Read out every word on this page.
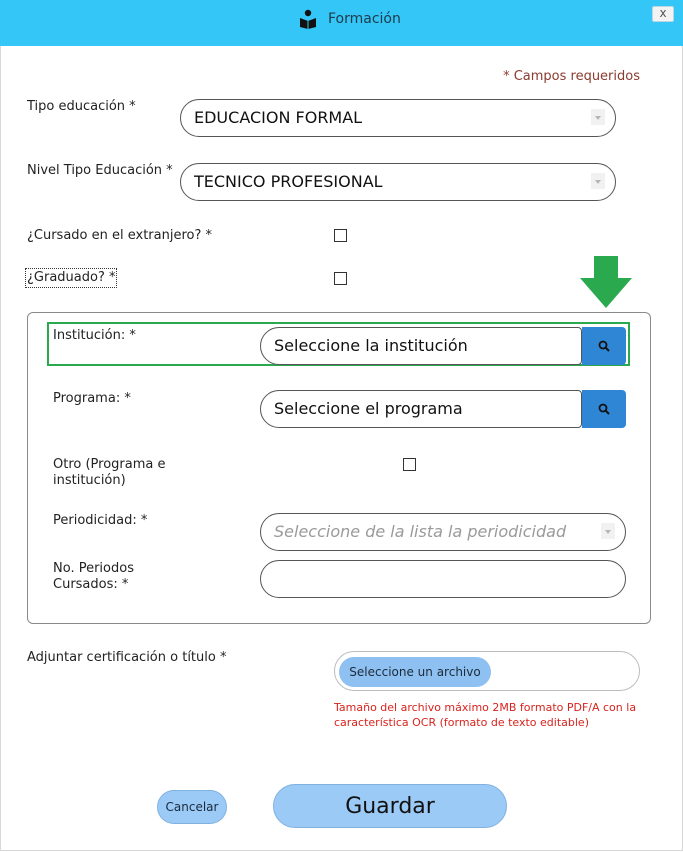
Formación	x
* Campos requeridos
Tipo educación *
EDUCACION FORMAL
Nivel Tipo Educación *
TECNICO PROFESIONAL
¿Cursado en el extranjero? *
¿Graduado? *
Institución: *
Seleccione la institución
Programa: *
Seleccione el programa
Otro (Programa e
institución)
Periodicidad: *
Seleccione de la lista la periodicidad
No. Periodos
Cursados: *
Adjuntar certificación o título *
Seleccione un archivo
Tamaño del archivo máximo 2MB formato PDF/A con la característica OCR (formato de texto editable)
Cancelar	Guardar
